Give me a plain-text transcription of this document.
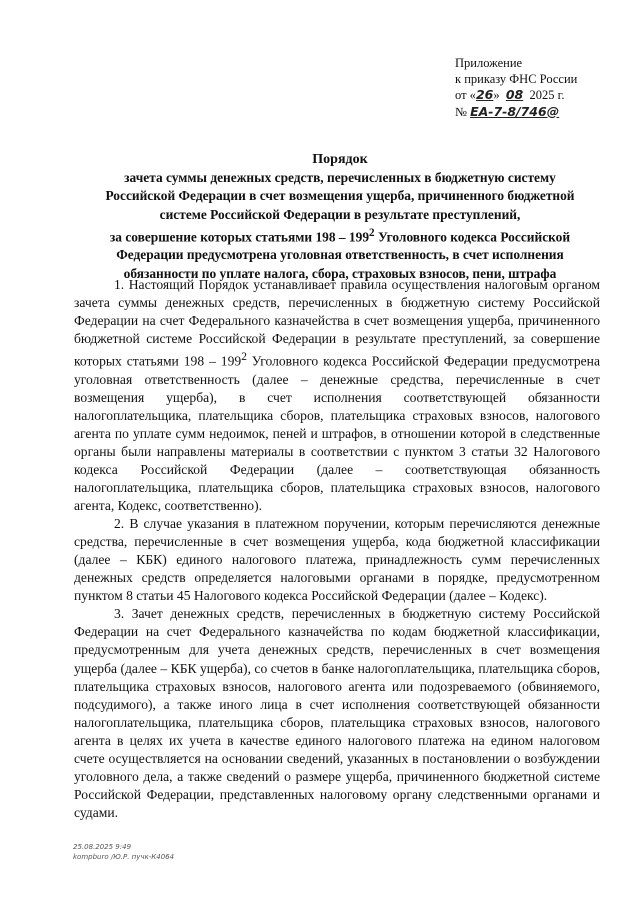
Приложение
к приказу ФНС России
от «26» 08 2025 г.
№ ЕА-7-8/746@
Порядок
зачета суммы денежных средств, перечисленных в бюджетную систему
Российской Федерации в счет возмещения ущерба, причиненного бюджетной
системе Российской Федерации в результате преступлений,
за совершение которых статьями $198 - 199^2$ Уголовного кодекса Российской
Федерации предусмотрена уголовная ответственность, в счет исполнения
обязанности по уплате налога, сбора, страховых взносов, пени, штрафа

1. Настоящий Порядок устанавливает правила осуществления налоговым органом зачета суммы денежных средств, перечисленных в бюджетную систему Российской Федерации на счет Федерального казначейства в счет возмещения ущерба, причиненного бюджетной системе Российской Федерации в результате преступлений, за совершение которых статьями $198 - 199^2$ Уголовного кодекса Российской Федерации предусмотрена уголовная ответственность (далее – денежные средства, перечисленные в счет возмещения ущерба), в счет исполнения соответствующей обязанности налогоплательщика, плательщика сборов, плательщика страховых взносов, налогового агента по уплате сумм недоимок, пеней и штрафов, в отношении которой в следственные органы были направлены материалы в соответствии с пунктом 3 статьи 32 Налогового кодекса Российской Федерации (далее – соответствующая обязанность налогоплательщика, плательщика сборов, плательщика страховых взносов, налогового агента, Кодекс, соответственно).

2. В случае указания в платежном поручении, которым перечисляются денежные средства, перечисленные в счет возмещения ущерба, кода бюджетной классификации (далее – КБК) единого налогового платежа, принадлежность сумм перечисленных денежных средств определяется налоговыми органами в порядке, предусмотренном пунктом 8 статьи 45 Налогового кодекса Российской Федерации (далее – Кодекс).

3. Зачет денежных средств, перечисленных в бюджетную систему Российской Федерации на счет Федерального казначейства по кодам бюджетной классификации, предусмотренным для учета денежных средств, перечисленных в счет возмещения ущерба (далее – КБК ущерба), со счетов в банке налогоплательщика, плательщика сборов, плательщика страховых взносов, налогового агента или подозреваемого (обвиняемого, подсудимого), а также иного лица в счет исполнения соответствующей обязанности налогоплательщика, плательщика сборов, плательщика страховых взносов, налогового агента в целях их учета в качестве единого налогового платежа на едином налоговом счете осуществляется на основании сведений, указанных в постановлении о возбуждении уголовного дела, а также сведений о размере ущерба, причиненного бюджетной системе Российской Федерации, представленных налоговому органу следственными органами и судами.

25.08.2025 9:49
kompburo /Ю.Р. пучк-К4064
